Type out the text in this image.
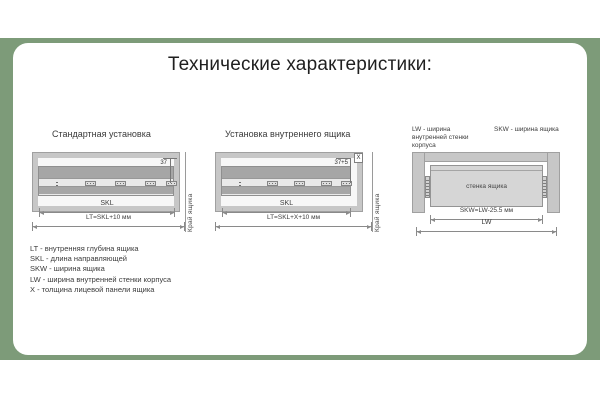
Технические характеристики:
Стандартная установка
37
Край ящика
SKL
LT=SKL+10 мм
Установка внутреннего ящика
37+5
X
Край ящика
SKL
LT=SKL+X+10 мм
LW - ширина внутренней стенки корпуса
SKW - ширина ящика
стенка ящика
SKW=LW-25.5 мм
LW
LT - внутренняя глубина ящика
SKL - длина направляющей
SKW - ширина ящика
LW - ширина внутренней стенки корпуса
X - толщина лицевой панели ящика
